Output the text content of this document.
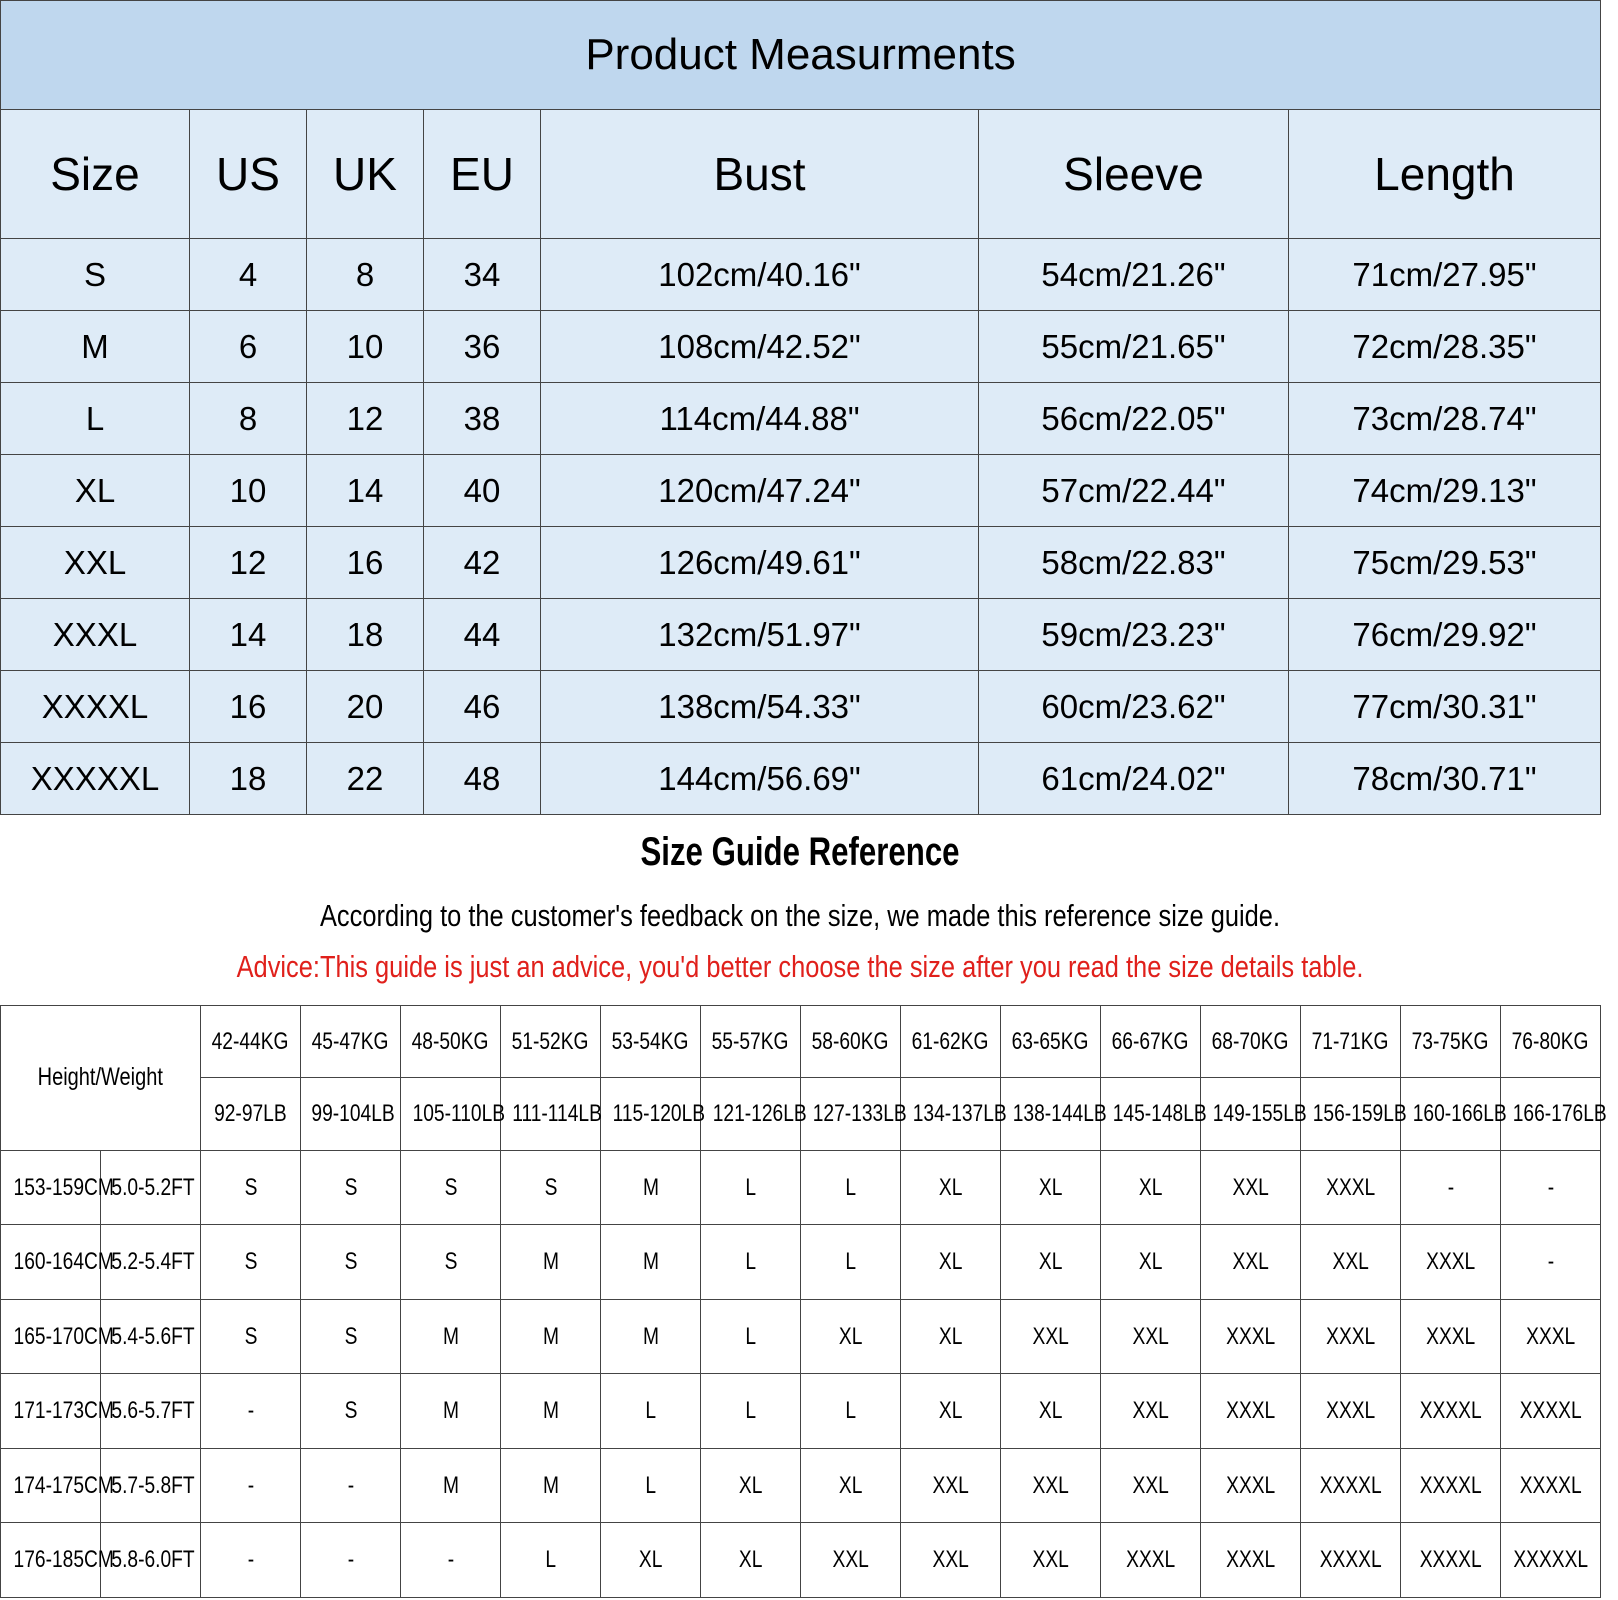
Product Measurments						
Size	US	UK	EU	Bust	Sleeve	Length
S	4	8	34	102cm/40.16"	54cm/21.26"	71cm/27.95"
M	6	10	36	108cm/42.52"	55cm/21.65"	72cm/28.35"
L	8	12	38	114cm/44.88"	56cm/22.05"	73cm/28.74"
XL	10	14	40	120cm/47.24"	57cm/22.44"	74cm/29.13"
XXL	12	16	42	126cm/49.61"	58cm/22.83"	75cm/29.53"
XXXL	14	18	44	132cm/51.97"	59cm/23.23"	76cm/29.92"
XXXXL	16	20	46	138cm/54.33"	60cm/23.62"	77cm/30.31"
XXXXXL	18	22	48	144cm/56.69"	61cm/24.02"	78cm/30.71"
Size Guide Reference
According to the customer's feedback on the size, we made this reference size guide.
Advice:This guide is just an advice, you'd better choose the size after you read the size details table.
Height/Weight		42-44KG	45-47KG	48-50KG	51-52KG	53-54KG	55-57KG	58-60KG	61-62KG	63-65KG	66-67KG	68-70KG	71-71KG	73-75KG	76-80KG
		92-97LB	99-104LB	105-110LB	111-114LB	115-120LB	121-126LB	127-133LB	134-137LB	138-144LB	145-148LB	149-155LB	156-159LB	160-166LB	166-176LB
153-159CM	5.0-5.2FT	S	S	S	S	M	L	L	XL	XL	XL	XXL	XXXL	-	-
160-164CM	5.2-5.4FT	S	S	S	M	M	L	L	XL	XL	XL	XXL	XXL	XXXL	-
165-170CM	5.4-5.6FT	S	S	M	M	M	L	XL	XL	XXL	XXL	XXXL	XXXL	XXXL	XXXL
171-173CM	5.6-5.7FT	-	S	M	M	L	L	L	XL	XL	XXL	XXXL	XXXL	XXXXL	XXXXL
174-175CM	5.7-5.8FT	-	-	M	M	L	XL	XL	XXL	XXL	XXL	XXXL	XXXXL	XXXXL	XXXXL
176-185CM	5.8-6.0FT	-	-	-	L	XL	XL	XXL	XXL	XXL	XXXL	XXXL	XXXXL	XXXXL	XXXXXL
